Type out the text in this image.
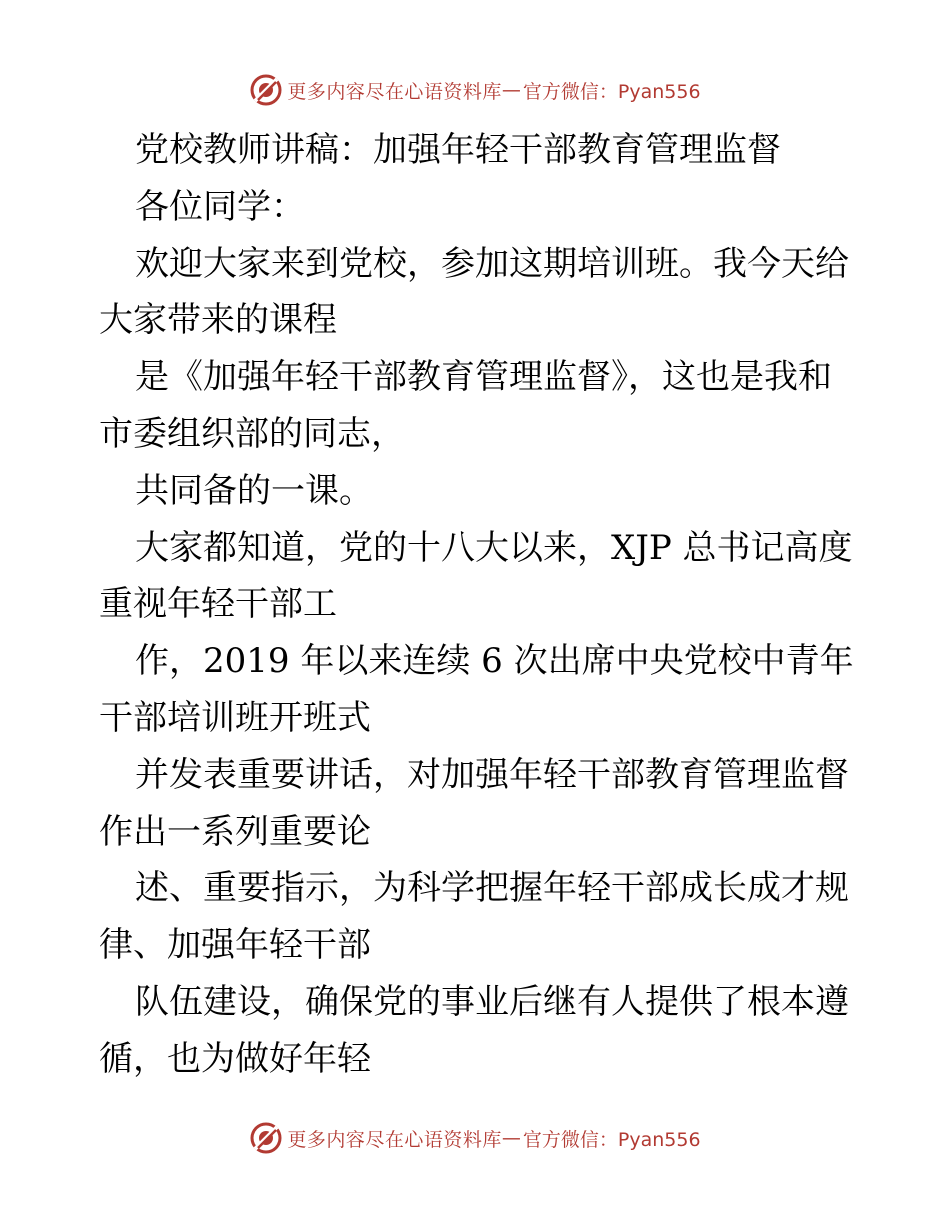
更多内容尽在心语资料库 — 官方微信：Pyan556
党校教师讲稿：加强年轻干部教育管理监督
各位同学：
欢迎大家来到党校，参加这期培训班。我今天给
大家带来的课程
是《加强年轻干部教育管理监督》，这也是我和
市委组织部的同志，
共同备的一课。
大家都知道，党的十八大以来，XJP 总书记高度
重视年轻干部工
作，2019 年以来连续 6 次出席中央党校中青年
干部培训班开班式
并发表重要讲话，对加强年轻干部教育管理监督
作出一系列重要论
述、重要指示，为科学把握年轻干部成长成才规
律、加强年轻干部
队伍建设，确保党的事业后继有人提供了根本遵
循，也为做好年轻
更多内容尽在心语资料库 — 官方微信：Pyan556
